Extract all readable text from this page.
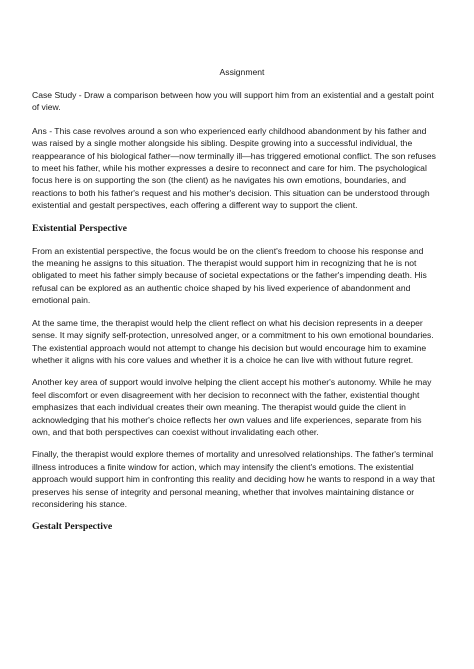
Assignment

Case Study - Draw a comparison between how you will support him from an existential and a gestalt point of view.

Ans - This case revolves around a son who experienced early childhood abandonment by his father and was raised by a single mother alongside his sibling. Despite growing into a successful individual, the reappearance of his biological father—now terminally ill—has triggered emotional conflict. The son refuses to meet his father, while his mother expresses a desire to reconnect and care for him. The psychological focus here is on supporting the son (the client) as he navigates his own emotions, boundaries, and reactions to both his father's request and his mother's decision. This situation can be understood through existential and gestalt perspectives, each offering a different way to support the client.

Existential Perspective

From an existential perspective, the focus would be on the client's freedom to choose his response and the meaning he assigns to this situation. The therapist would support him in recognizing that he is not obligated to meet his father simply because of societal expectations or the father's impending death. His refusal can be explored as an authentic choice shaped by his lived experience of abandonment and emotional pain.

At the same time, the therapist would help the client reflect on what his decision represents in a deeper sense. It may signify self-protection, unresolved anger, or a commitment to his own emotional boundaries. The existential approach would not attempt to change his decision but would encourage him to examine whether it aligns with his core values and whether it is a choice he can live with without future regret.

Another key area of support would involve helping the client accept his mother's autonomy. While he may feel discomfort or even disagreement with her decision to reconnect with the father, existential thought emphasizes that each individual creates their own meaning. The therapist would guide the client in acknowledging that his mother's choice reflects her own values and life experiences, separate from his own, and that both perspectives can coexist without invalidating each other.

Finally, the therapist would explore themes of mortality and unresolved relationships. The father's terminal illness introduces a finite window for action, which may intensify the client's emotions. The existential approach would support him in confronting this reality and deciding how he wants to respond in a way that preserves his sense of integrity and personal meaning, whether that involves maintaining distance or reconsidering his stance.

Gestalt Perspective
